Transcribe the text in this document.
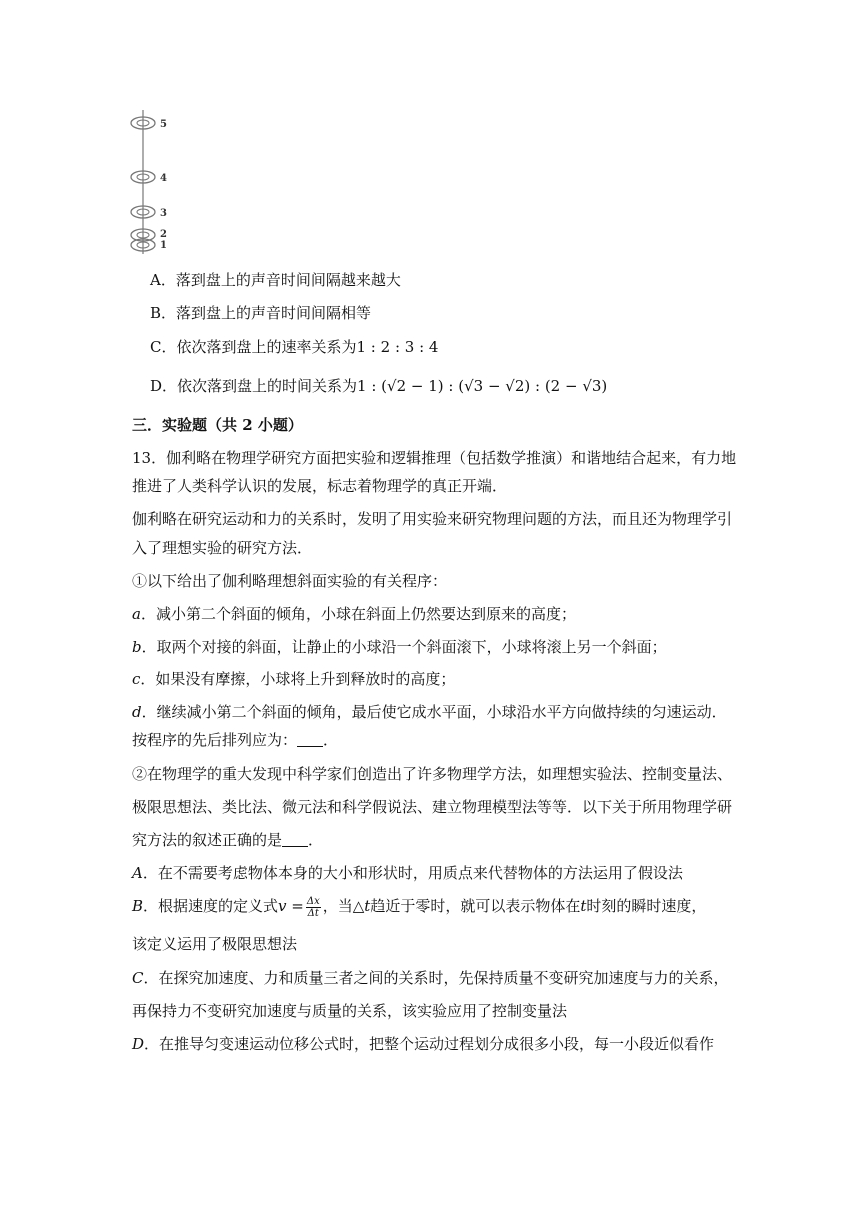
5
4
3
2
1
A．落到盘上的声音时间间隔越来越大
B．落到盘上的声音时间间隔相等
C．依次落到盘上的速率关系为1 : 2 : 3 : 4
D．依次落到盘上的时间关系为1 : (√2 − 1) : (√3 − √2) : (2 − √3)
三．实验题（共 2 小题）
13．伽利略在物理学研究方面把实验和逻辑推理（包括数学推演）和谐地结合起来，有力地
推进了人类科学认识的发展，标志着物理学的真正开端．
伽利略在研究运动和力的关系时，发明了用实验来研究物理问题的方法，而且还为物理学引
入了理想实验的研究方法．
①以下给出了伽利略理想斜面实验的有关程序：
a．减小第二个斜面的倾角，小球在斜面上仍然要达到原来的高度；
b．取两个对接的斜面，让静止的小球沿一个斜面滚下，小球将滚上另一个斜面；
c．如果没有摩擦，小球将上升到释放时的高度；
d．继续减小第二个斜面的倾角，最后使它成水平面，小球沿水平方向做持续的匀速运动．
按程序的先后排列应为： ．
②在物理学的重大发现中科学家们创造出了许多物理学方法，如理想实验法、控制变量法、
极限思想法、类比法、微元法和科学假说法、建立物理模型法等等．以下关于所用物理学研
究方法的叙述正确的是 ．
A．在不需要考虑物体本身的大小和形状时，用质点来代替物体的方法运用了假设法
B．根据速度的定义式$v = \frac{\Delta x}{\Delta t}$ ，当△t趋近于零时，就可以表示物体在t时刻的瞬时速度，
该定义运用了极限思想法
C．在探究加速度、力和质量三者之间的关系时，先保持质量不变研究加速度与力的关系，
再保持力不变研究加速度与质量的关系，该实验应用了控制变量法
D．在推导匀变速运动位移公式时，把整个运动过程划分成很多小段，每一小段近似看作
